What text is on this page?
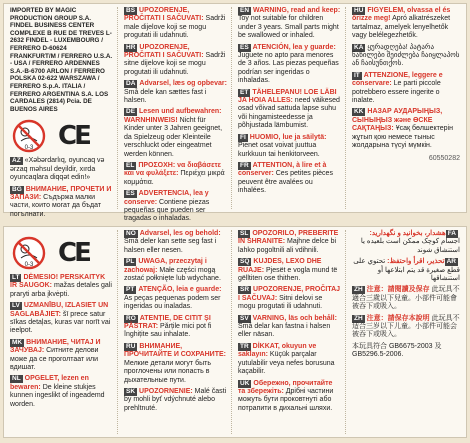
IMPORTED BY MAGIC PRODUCTION GROUP S.A. FINDEL BUSINESS CENTER COMPLEXE B RUE DE TREVES L-2632 FINDEL - LUXEMBOURG / FERRERO D-60624 FRANKFURT/M / FERRERO U.S.A. - USA / FERRERO ARDENNES S.A.-B-6700 ARLON / FERRERO POLSKA 02-622 WARSZAWA / FERRERO S.p.A. ITALIA / FERRERO ARGENTINA S.A. LOS CARDALES (2814) Pcia. DE BUENOS AIRES
0-3 CE
AZ «Xəbərdarlıq, oyuncaq və ərzaq məhsul deyildir, xırda oyuncaqlara diqqət edin!»
BG ВНИМАНИЕ, ПРОЧЕТИ И ЗАПАЗИ: Съдържа малки части, които могат да бъдат погълнати.
BS UPOZORENJE, PROČITATI I SAČUVATI: Sadrži male dijelove koji se mogu progutati ili udahnuti.
HR UPOZORENJE, PROČITATI I SAČUVATI: Sadrži sitne dijelove koji se mogu progutati ili udahnuti.
DA Advarsel, læs og opbevar: Små dele kan sættes fast i halsen.
DE Lesen und aufbewahren: WARNHINWEIS! Nicht für Kinder unter 3 Jahren geeignet, da Spielzeug oder Kleinteile verschluckt oder eingeatmet werden können.
EL ΠΡΟΣΟΧΗ: να διαβάσετε και να φυλάξετε: Περιέχει μικρά κομμάτια.
ES ADVERTENCIA, lea y conserve: Contiene piezas pequeñas que pueden ser tragadas o inhaladas.
EN WARNING, read and keep: Toy not suitable for children under 3 years. Small parts might be swallowed or inhaled.
ES ATENCIÓN, lea y guarde: Juguete no apto para menores de 3 años. Las piezas pequeñas podrían ser ingeridas o inhaladas.
ET TÄHELEPANU! LOE LÄBI JA HOIA ALLES: need väikesed osad võivad sattuda lapse suhu või hingamisteedesse ja põhjustada lämbumist.
FI HUOMIO, lue ja säilytä: Pienet osat voivat juuttua kurkkuun tai henkitorveen.
FR ATTENTION, à lire et à conserver: Ces petites pièces peuvent être avalées ou inhalées.
HU FIGYELEM, olvassa el és őrizze meg! Apró alkatrészeket tartalmaz, amelyek lenyelhetők vagy belélegezhetők.
KA ყურადღება! პატარა ნაწილები შეიძლება ჩაიყლაპოს ან ჩაისუნთქოს.
IT ATTENZIONE, leggere e conservare: Le parti piccole potrebbero essere ingerite o inalate.
KK НАЗАР АУДАРЫҢЫЗ, СЫНЫҢЫЗ және ӨСКЕ САҚТАҢЫЗ: Ұсақ бөлшектерін жұтып қою немесе тыныс жолдарына түсуі мүмкін.
60550282
0-3 CE
LT DĖMESIO! PERSKAITYK IR SAUGOK: mažas detales gali praryti arba įkvėpti.
LV UZMANĪBU, IZLASIET UN SAGLABĀJIET: šī prece satur sīkas detaļas, kuras var norīt vai ieelpot.
MK ВНИМАНИЕ, ЧИТАЈ И ЗАЧУВАЈ: Ситните делови може да се проголтаат или вдишат.
NL OPGELET, lezen en bewaren: De kleine stukjes kunnen ingeslikt of ingeademd worden.
NO Advarsel, les og behold: Små deler kan sette seg fast i halsen eller nesen.
PL UWAGA, przeczytaj i zachowaj: Małe części mogą zostać połknięte lub wdychane.
PT ATENÇÃO, leia e guarde: As peças pequenas podem ser ingeridas ou inaladas.
RO ATENȚIE, DE CITIT ȘI PĂSTRAT: Părțile mici pot fi înghițite sau inhalate.
RU ВНИМАНИЕ, ПРОЧИТАЙТЕ И СОХРАНИТЕ: Мелкие детали могут быть проглочены или попасть в дыхательные пути.
SK UPOZORNENIE: Malé časti by mohli byť vdýchnuté alebo prehltnuté.
SL OPOZORILO, PREBERITE IN SHRANITE: Majhne delce bi lahko pogoltnili ali vdihnili.
SQ KUJDES, LEXO DHE RUAJE: Pjesët e vogla mund të gëlltiten ose thithen.
SR UPOZORENJE, PROČITAJ I SAČUVAJ: Sitni delovi se mogu progutati ili udahnuti.
SV VARNING, läs och behåll: Små delar kan fastna i halsen eller näsan.
TR DİKKAT, okuyun ve saklayın: Küçük parçalar yutulabilir veya nefes borusuna kaçabilir.
UK Обережно, прочитайте та збережіть: Дрібні частини можуть бути проковтнуті або потрапити в дихальні шляхи.
FAهشدار، بخوانید و نگهدارید: اجسام کوچک ممکن است بلعیده یا استنشاق شوند
ARتحذير، اقرأ واحتفظ: تحتوي على قطع صغيرة قد يتم ابتلاعها أو استنشاقها
ZH 注意：請閱讀及保存 此玩具不適合三歲以下兒童。小部件可能會被吞下或吸入。
ZH 注意：請保存本說明 此玩具不适合三岁以下儿童。小部件可能会被吞下或吸入。
本玩具符合 GB6675-2003 及 GB5296.5-2006.
